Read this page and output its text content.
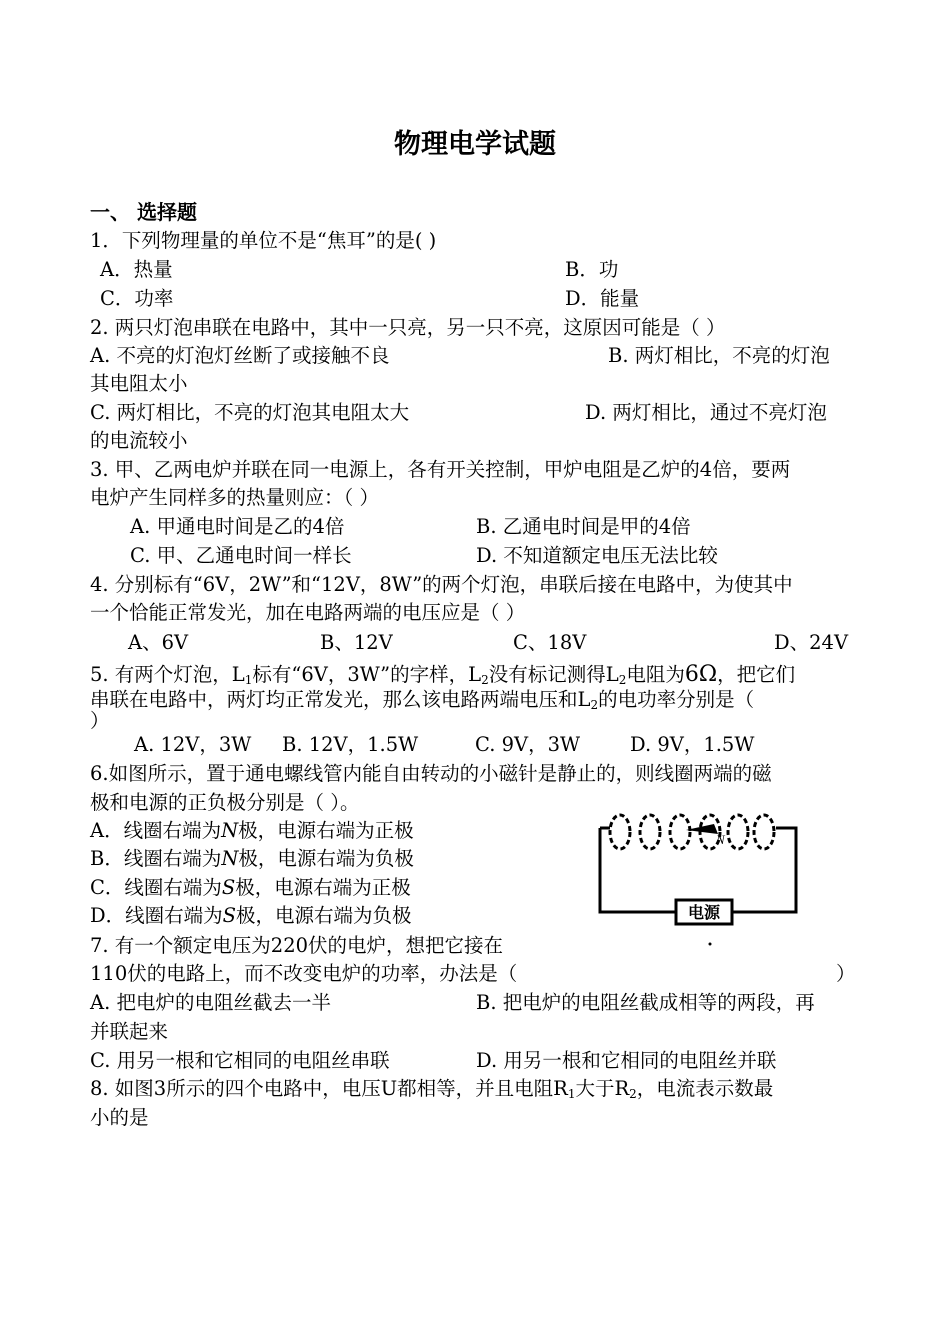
物理电学试题
一、 选择题
1．下列物理量的单位不是“焦耳”的是( )
A．热量	B．功
C．功率	D．能量
2. 两只灯泡串联在电路中，其中一只亮，另一只不亮，这原因可能是（ ）
A. 不亮的灯泡灯丝断了或接触不良	B. 两灯相比，不亮的灯泡
其电阻太小
C. 两灯相比，不亮的灯泡其电阻太大	D. 两灯相比，通过不亮灯泡
的电流较小
3. 甲、乙两电炉并联在同一电源上，各有开关控制，甲炉电阻是乙炉的4倍，要两
电炉产生同样多的热量则应：（ ）
A. 甲通电时间是乙的4倍	B. 乙通电时间是甲的4倍
C. 甲、乙通电时间一样长	D. 不知道额定电压无法比较
4. 分别标有“6V，2W”和“12V，8W”的两个灯泡，串联后接在电路中，为使其中
一个恰能正常发光，加在电路两端的电压应是（ ）
A、6V	B、12V	C、18V	D、24V
5. 有两个灯泡，$L_1$标有“6V，3W”的字样，$L_2$没有标记测得$L_2$电阻为6Ω，把它们
串联在电路中，两灯均正常发光，那么该电路两端电压和$L_2$的电功率分别是（
）
A. 12V，3W B. 12V，1.5W	C. 9V，3W	D. 9V，1.5W
6.如图所示，置于通电螺线管内能自由转动的小磁针是静止的，则线圈两端的磁
极和电源的正负极分别是（ ）。
A．线圈右端为N极，电源右端为正极
B．线圈右端为N极，电源右端为负极
C．线圈右端为S极，电源右端为正极
D．线圈右端为S极，电源右端为负极
N
电源
7. 有一个额定电压为220伏的电炉，想把它接在
110伏的电路上，而不改变电炉的功率，办法是（	）
A. 把电炉的电阻丝截去一半	B. 把电炉的电阻丝截成相等的两段，再
并联起来
C. 用另一根和它相同的电阻丝串联	D. 用另一根和它相同的电阻丝并联
8. 如图3所示的四个电路中，电压U都相等，并且电阻$R_1$大于$R_2$，电流表示数最
小的是
